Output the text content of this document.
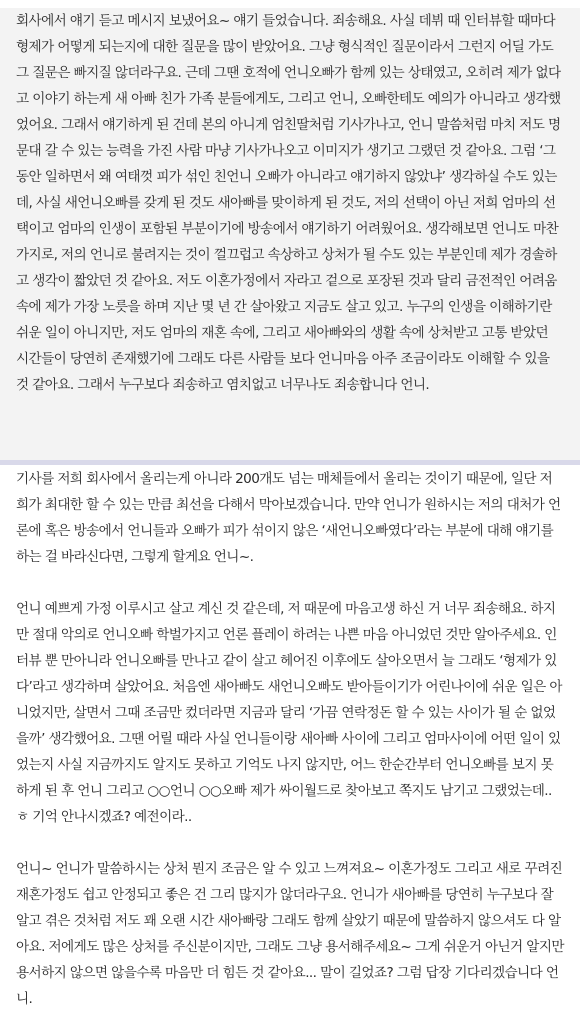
회사에서 얘기 듣고 메시지 보냈어요~ 얘기 들었습니다. 죄송해요. 사실 데뷔 때 인터뷰할 때마다 형제가 어떻게 되는지에 대한 질문을 많이 받았어요. 그냥 형식적인 질문이라서 그런지 어딜 가도 그 질문은 빠지질 않더라구요. 근데 그땐 호적에 언니오빠가 함께 있는 상태였고, 오히려 제가 없다고 이야기 하는게 새 아빠 친가 가족 분들에게도, 그리고 언니, 오빠한테도 예의가 아니라고 생각했었어요. 그래서 얘기하게 된 건데 본의 아니게 엄친딸처럼 기사가나고, 언니 말씀처럼 마치 저도 명문대 갈 수 있는 능력을 가진 사람 마냥 기사가나오고 이미지가 생기고 그랬던 것 같아요. 그럼 ‘그동안 일하면서 왜 여태껏 피가 섞인 친언니 오빠가 아니라고 얘기하지 않았냐’ 생각하실 수도 있는데, 사실 새언니오빠를 갖게 된 것도 새아빠를 맞이하게 된 것도, 저의 선택이 아닌 저희 엄마의 선택이고 엄마의 인생이 포함된 부분이기에 방송에서 얘기하기 어려웠어요. 생각해보면 언니도 마찬가지로, 저의 언니로 불려지는 것이 껄끄럽고 속상하고 상처가 될 수도 있는 부분인데 제가 경솔하고 생각이 짧았던 것 같아요. 저도 이혼가정에서 자라고 겉으로 포장된 것과 달리 금전적인 어려움 속에 제가 가장 노릇을 하며 지난 몇 년 간 살아왔고 지금도 살고 있고. 누구의 인생을 이해하기란 쉬운 일이 아니지만, 저도 엄마의 재혼 속에, 그리고 새아빠와의 생활 속에 상처받고 고통 받았던 시간들이 당연히 존재했기에 그래도 다른 사람들 보다 언니마음 아주 조금이라도 이해할 수 있을 것 같아요. 그래서 누구보다 죄송하고 염치없고 너무나도 죄송합니다 언니.

기사를 저희 회사에서 올리는게 아니라 200개도 넘는 매체들에서 올리는 것이기 때문에, 일단 저희가 최대한 할 수 있는 만큼 최선을 다해서 막아보겠습니다. 만약 언니가 원하시는 저의 대처가 언론에 혹은 방송에서 언니들과 오빠가 피가 섞이지 않은 ‘새언니오빠였다’라는 부분에 대해 얘기를 하는 걸 바라신다면, 그렇게 할게요 언니~.

언니 예쁘게 가정 이루시고 살고 계신 것 같은데, 저 때문에 마음고생 하신 거 너무 죄송해요. 하지만 절대 악의로 언니오빠 학벌가지고 언론 플레이 하려는 나쁜 마음 아니었던 것만 알아주세요. 인터뷰 뿐 만아니라 언니오빠를 만나고 같이 살고 헤어진 이후에도 살아오면서 늘 그래도 ‘형제가 있다’라고 생각하며 살았어요. 처음엔 새아빠도 새언니오빠도 받아들이기가 어린나이에 쉬운 일은 아니었지만, 살면서 그때 조금만 컸더라면 지금과 달리 ‘가끔 연락정돈 할 수 있는 사이가 될 순 없었을까’ 생각했어요. 그땐 어릴 때라 사실 언니들이랑 새아빠 사이에 그리고 엄마사이에 어떤 일이 있었는지 사실 지금까지도 알지도 못하고 기억도 나지 않지만, 어느 한순간부터 언니오빠를 보지 못하게 된 후 언니 그리고 ○○언니 ○○오빠 제가 싸이월드로 찾아보고 쪽지도 남기고 그랬었는데..ㅎ 기억 안나시겠죠? 예전이라..

언니~ 언니가 말씀하시는 상처 뭔지 조금은 알 수 있고 느껴져요~ 이혼가정도 그리고 새로 꾸려진 재혼가정도 쉽고 안정되고 좋은 건 그리 많지가 않더라구요. 언니가 새아빠를 당연히 누구보다 잘 알고 겪은 것처럼 저도 꽤 오랜 시간 새아빠랑 그래도 함께 살았기 때문에 말씀하지 않으셔도 다 알아요. 저에게도 많은 상처를 주신분이지만, 그래도 그냥 용서해주세요~ 그게 쉬운거 아닌거 알지만 용서하지 않으면 않을수록 마음만 더 힘든 것 같아요... 말이 길었죠? 그럼 답장 기다리겠습니다 언니.
